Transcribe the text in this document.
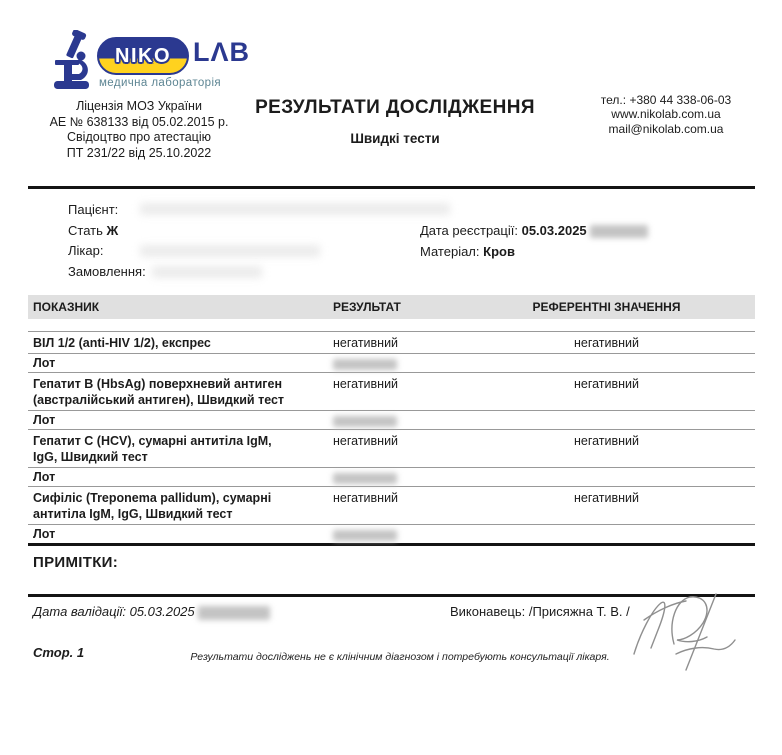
NIKO LΛB
медична лабораторія
Ліцензія МОЗ України
АЕ № 638133 від 05.02.2015 р.
Свідоцтво про атестацію
ПТ 231/22 від 25.10.2022
РЕЗУЛЬТАТИ ДОСЛІДЖЕННЯ
Швидкі тести
тел.: +380 44 338-06-03
www.nikolab.com.ua
mail@nikolab.com.ua
Пацієнт:
Стать Ж
Лікар:
Замовлення:
Дата реєстрації: 05.03.2025
Матеріал: Кров
ПОКАЗНИК	РЕЗУЛЬТАТ	РЕФЕРЕНТНІ ЗНАЧЕННЯ
ВІЛ 1/2 (anti-HIV 1/2), експрес	негативний	негативний
Лот
Гепатит B (HbsAg) поверхневий антиген (австралійський антиген), Швидкий тест
негативний	негативний
Лот
Гепатит C (HCV), сумарні антитіла IgM, IgG, Швидкий тест
негативний	негативний
Лот
Сифіліс (Treponema pallidum), сумарні антитіла IgM, IgG, Швидкий тест
негативний	негативний
Лот
ПРИМІТКИ:
Дата валідації: 05.03.2025	Виконавець: /Присяжна Т. В. /
Стор. 1	Результати досліджень не є клінічним діагнозом і потребують консультації лікаря.
